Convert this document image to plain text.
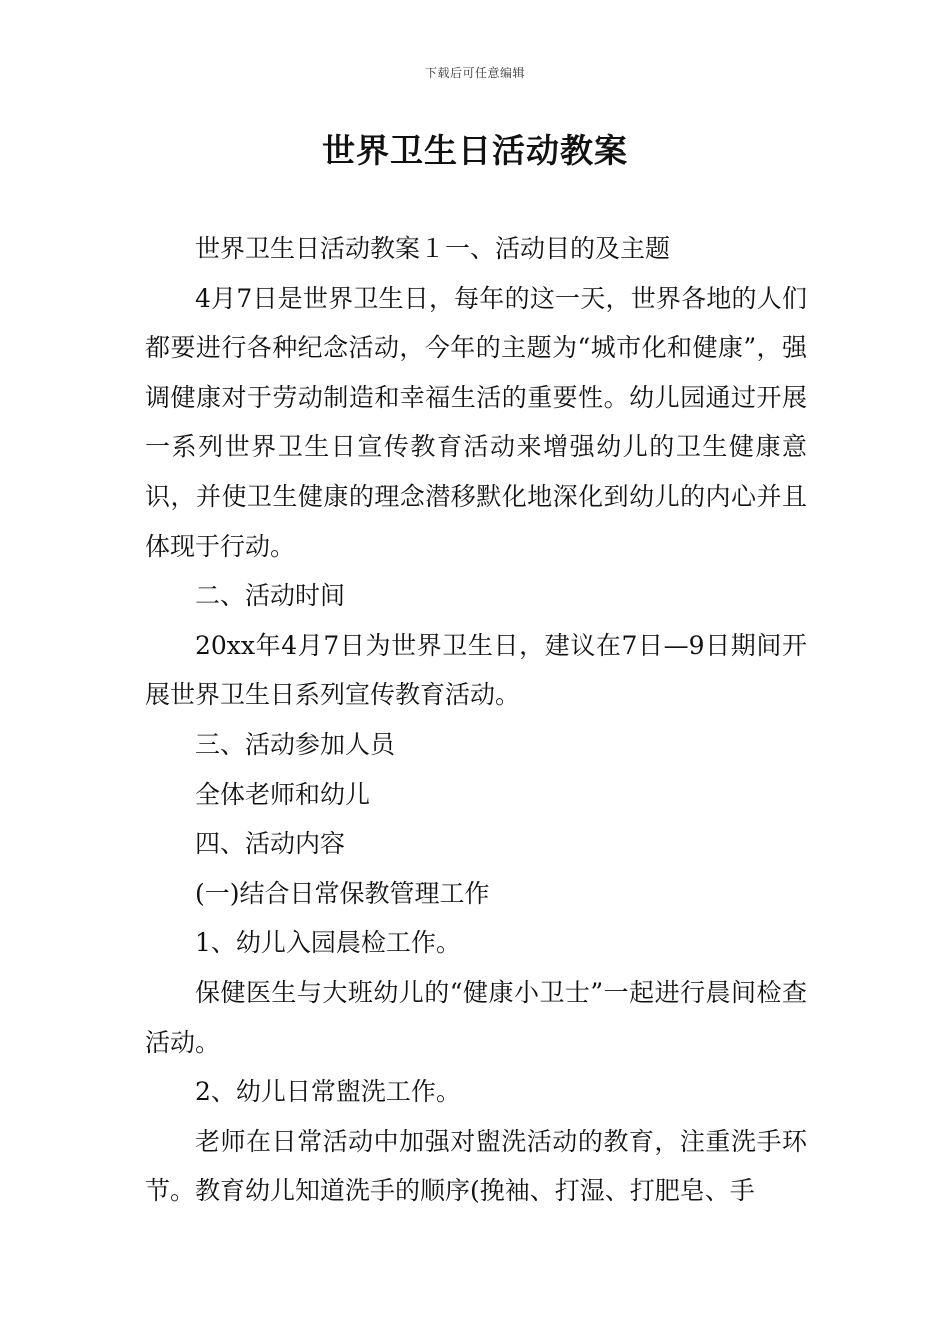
下载后可任意编辑
世界卫生日活动教案

世界卫生日活动教案１一、活动目的及主题

4月7日是世界卫生日，每年的这一天，世界各地的人们都要进行各种纪念活动，今年的主题为“城市化和健康”，强调健康对于劳动制造和幸福生活的重要性。幼儿园通过开展一系列世界卫生日宣传教育活动来增强幼儿的卫生健康意识，并使卫生健康的理念潜移默化地深化到幼儿的内心并且体现于行动。

二、活动时间

20xx年4月7日为世界卫生日，建议在7日—9日期间开展世界卫生日系列宣传教育活动。

三、活动参加人员

全体老师和幼儿

四、活动内容

(一)结合日常保教管理工作

1、幼儿入园晨检工作。

保健医生与大班幼儿的“健康小卫士”一起进行晨间检查活动。

2、幼儿日常盥洗工作。

老师在日常活动中加强对盥洗活动的教育，注重洗手环节。教育幼儿知道洗手的顺序(挽袖、打湿、打肥皂、手
